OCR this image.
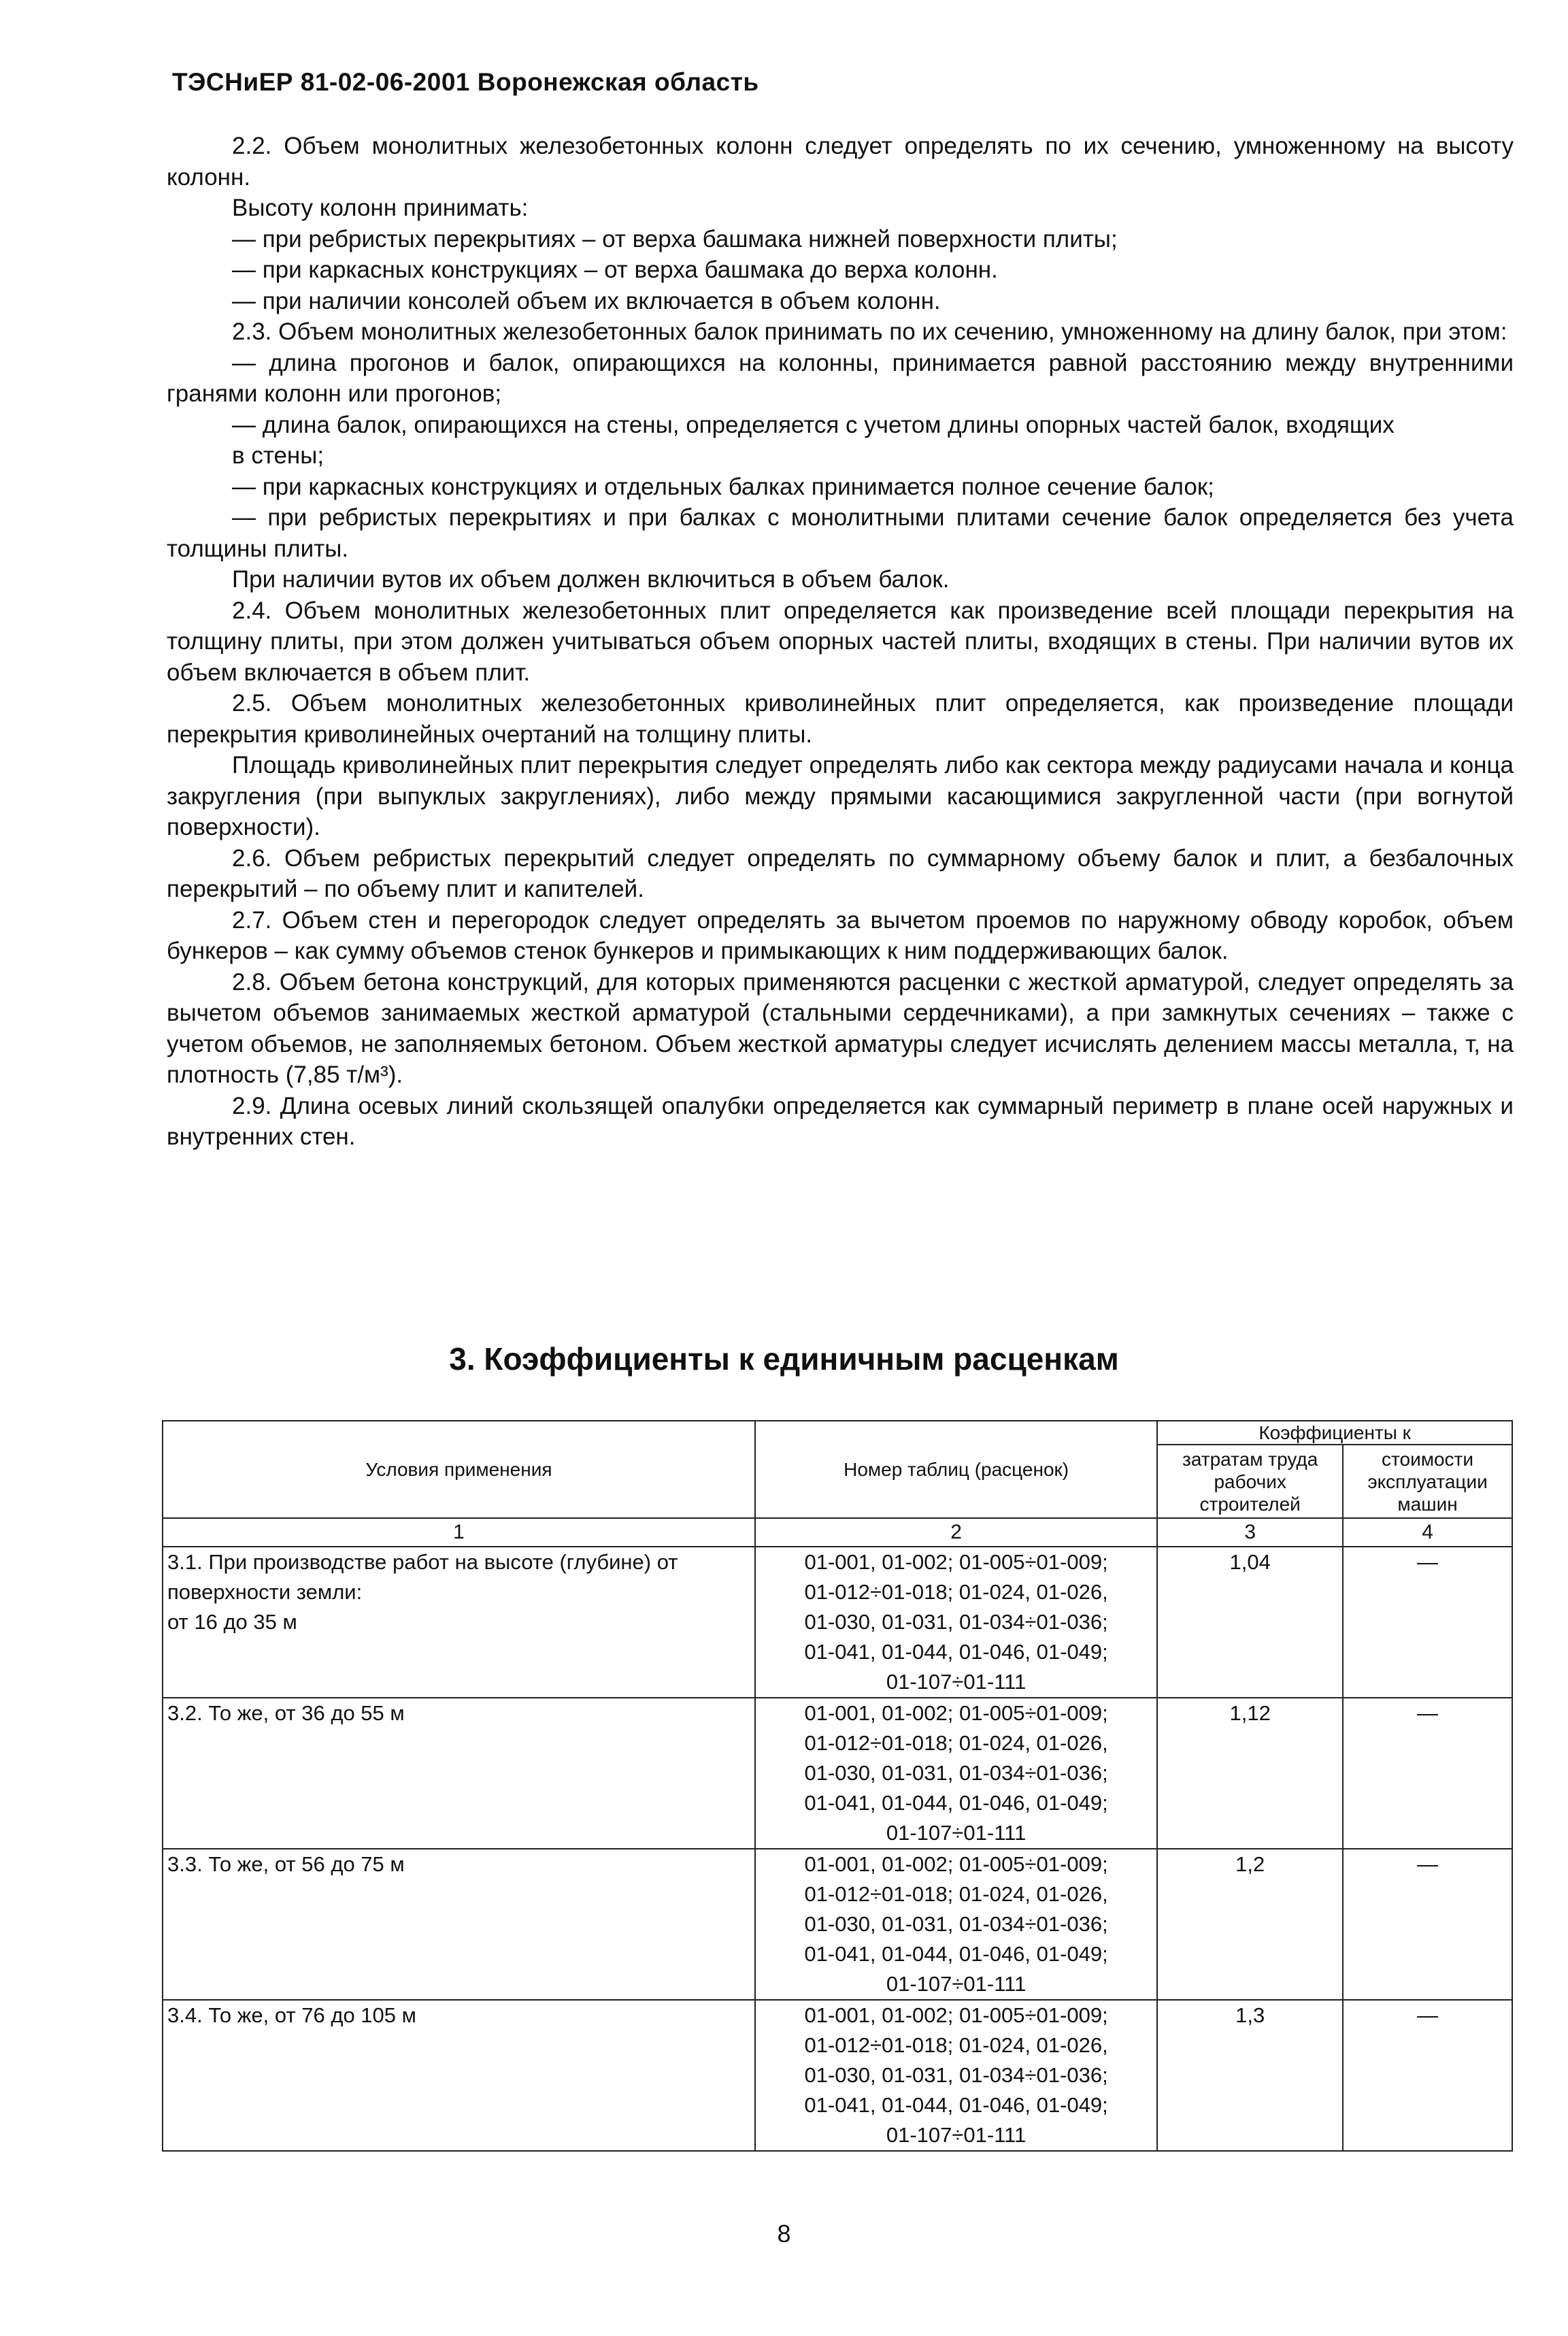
ТЭСНиЕР 81-02-06-2001 Воронежская область

2.2. Объем монолитных железобетонных колонн следует определять по их сечению, умноженному на высоту колонн.

Высоту колонн принимать:

— при ребристых перекрытиях – от верха башмака нижней поверхности плиты;

— при каркасных конструкциях – от верха башмака до верха колонн.

— при наличии консолей объем их включается в объем колонн.

2.3. Объем монолитных железобетонных балок принимать по их сечению, умноженному на длину балок, при этом:

— длина прогонов и балок, опирающихся на колонны, принимается равной расстоянию между внутренними гранями колонн или прогонов;

— длина балок, опирающихся на стены, определяется с учетом длины опорных частей балок, входящих

в стены;

— при каркасных конструкциях и отдельных балках принимается полное сечение балок;

— при ребристых перекрытиях и при балках с монолитными плитами сечение балок определяется без учета толщины плиты.

При наличии вутов их объем должен включиться в объем балок.

2.4. Объем монолитных железобетонных плит определяется как произведение всей площади перекрытия на толщину плиты, при этом должен учитываться объем опорных частей плиты, входящих в стены. При наличии вутов их объем включается в объем плит.

2.5. Объем монолитных железобетонных криволинейных плит определяется, как произведение площади перекрытия криволинейных очертаний на толщину плиты.

Площадь криволинейных плит перекрытия следует определять либо как сектора между радиусами начала и конца закругления (при выпуклых закруглениях), либо между прямыми касающимися закругленной части (при вогнутой поверхности).

2.6. Объем ребристых перекрытий следует определять по суммарному объему балок и плит, а безбалочных перекрытий – по объему плит и капителей.

2.7. Объем стен и перегородок следует определять за вычетом проемов по наружному обводу коробок, объем бункеров – как сумму объемов стенок бункеров и примыкающих к ним поддерживающих балок.

2.8. Объем бетона конструкций, для которых применяются расценки с жесткой арматурой, следует определять за вычетом объемов занимаемых жесткой арматурой (стальными сердечниками), а при замкнутых сечениях – также с учетом объемов, не заполняемых бетоном. Объем жесткой арматуры следует исчислять делением массы металла, т, на плотность (7,85 т/м³).

2.9. Длина осевых линий скользящей опалубки определяется как суммарный периметр в плане осей наружных и внутренних стен.

3. Коэффициенты к единичным расценкам
Условия применения	Номер таблиц (расценок)	Коэффициенты к	
		затратам труда рабочих строителей	стоимости эксплуатации машин
1	2	3	4
3.1. При производстве работ на высоте (глубине) от поверхности земли:
от 16 до 35 м	01-001, 01-002; 01-005÷01-009;
01-012÷01-018; 01-024, 01-026,
01-030, 01-031, 01-034÷01-036;
01-041, 01-044, 01-046, 01-049;
01-107÷01-111	1,04	—
3.2. То же, от 36 до 55 м	01-001, 01-002; 01-005÷01-009;
01-012÷01-018; 01-024, 01-026,
01-030, 01-031, 01-034÷01-036;
01-041, 01-044, 01-046, 01-049;
01-107÷01-111	1,12	—
3.3. То же, от 56 до 75 м	01-001, 01-002; 01-005÷01-009;
01-012÷01-018; 01-024, 01-026,
01-030, 01-031, 01-034÷01-036;
01-041, 01-044, 01-046, 01-049;
01-107÷01-111	1,2	—
3.4. То же, от 76 до 105 м	01-001, 01-002; 01-005÷01-009;
01-012÷01-018; 01-024, 01-026,
01-030, 01-031, 01-034÷01-036;
01-041, 01-044, 01-046, 01-049;
01-107÷01-111	1,3	—
8
